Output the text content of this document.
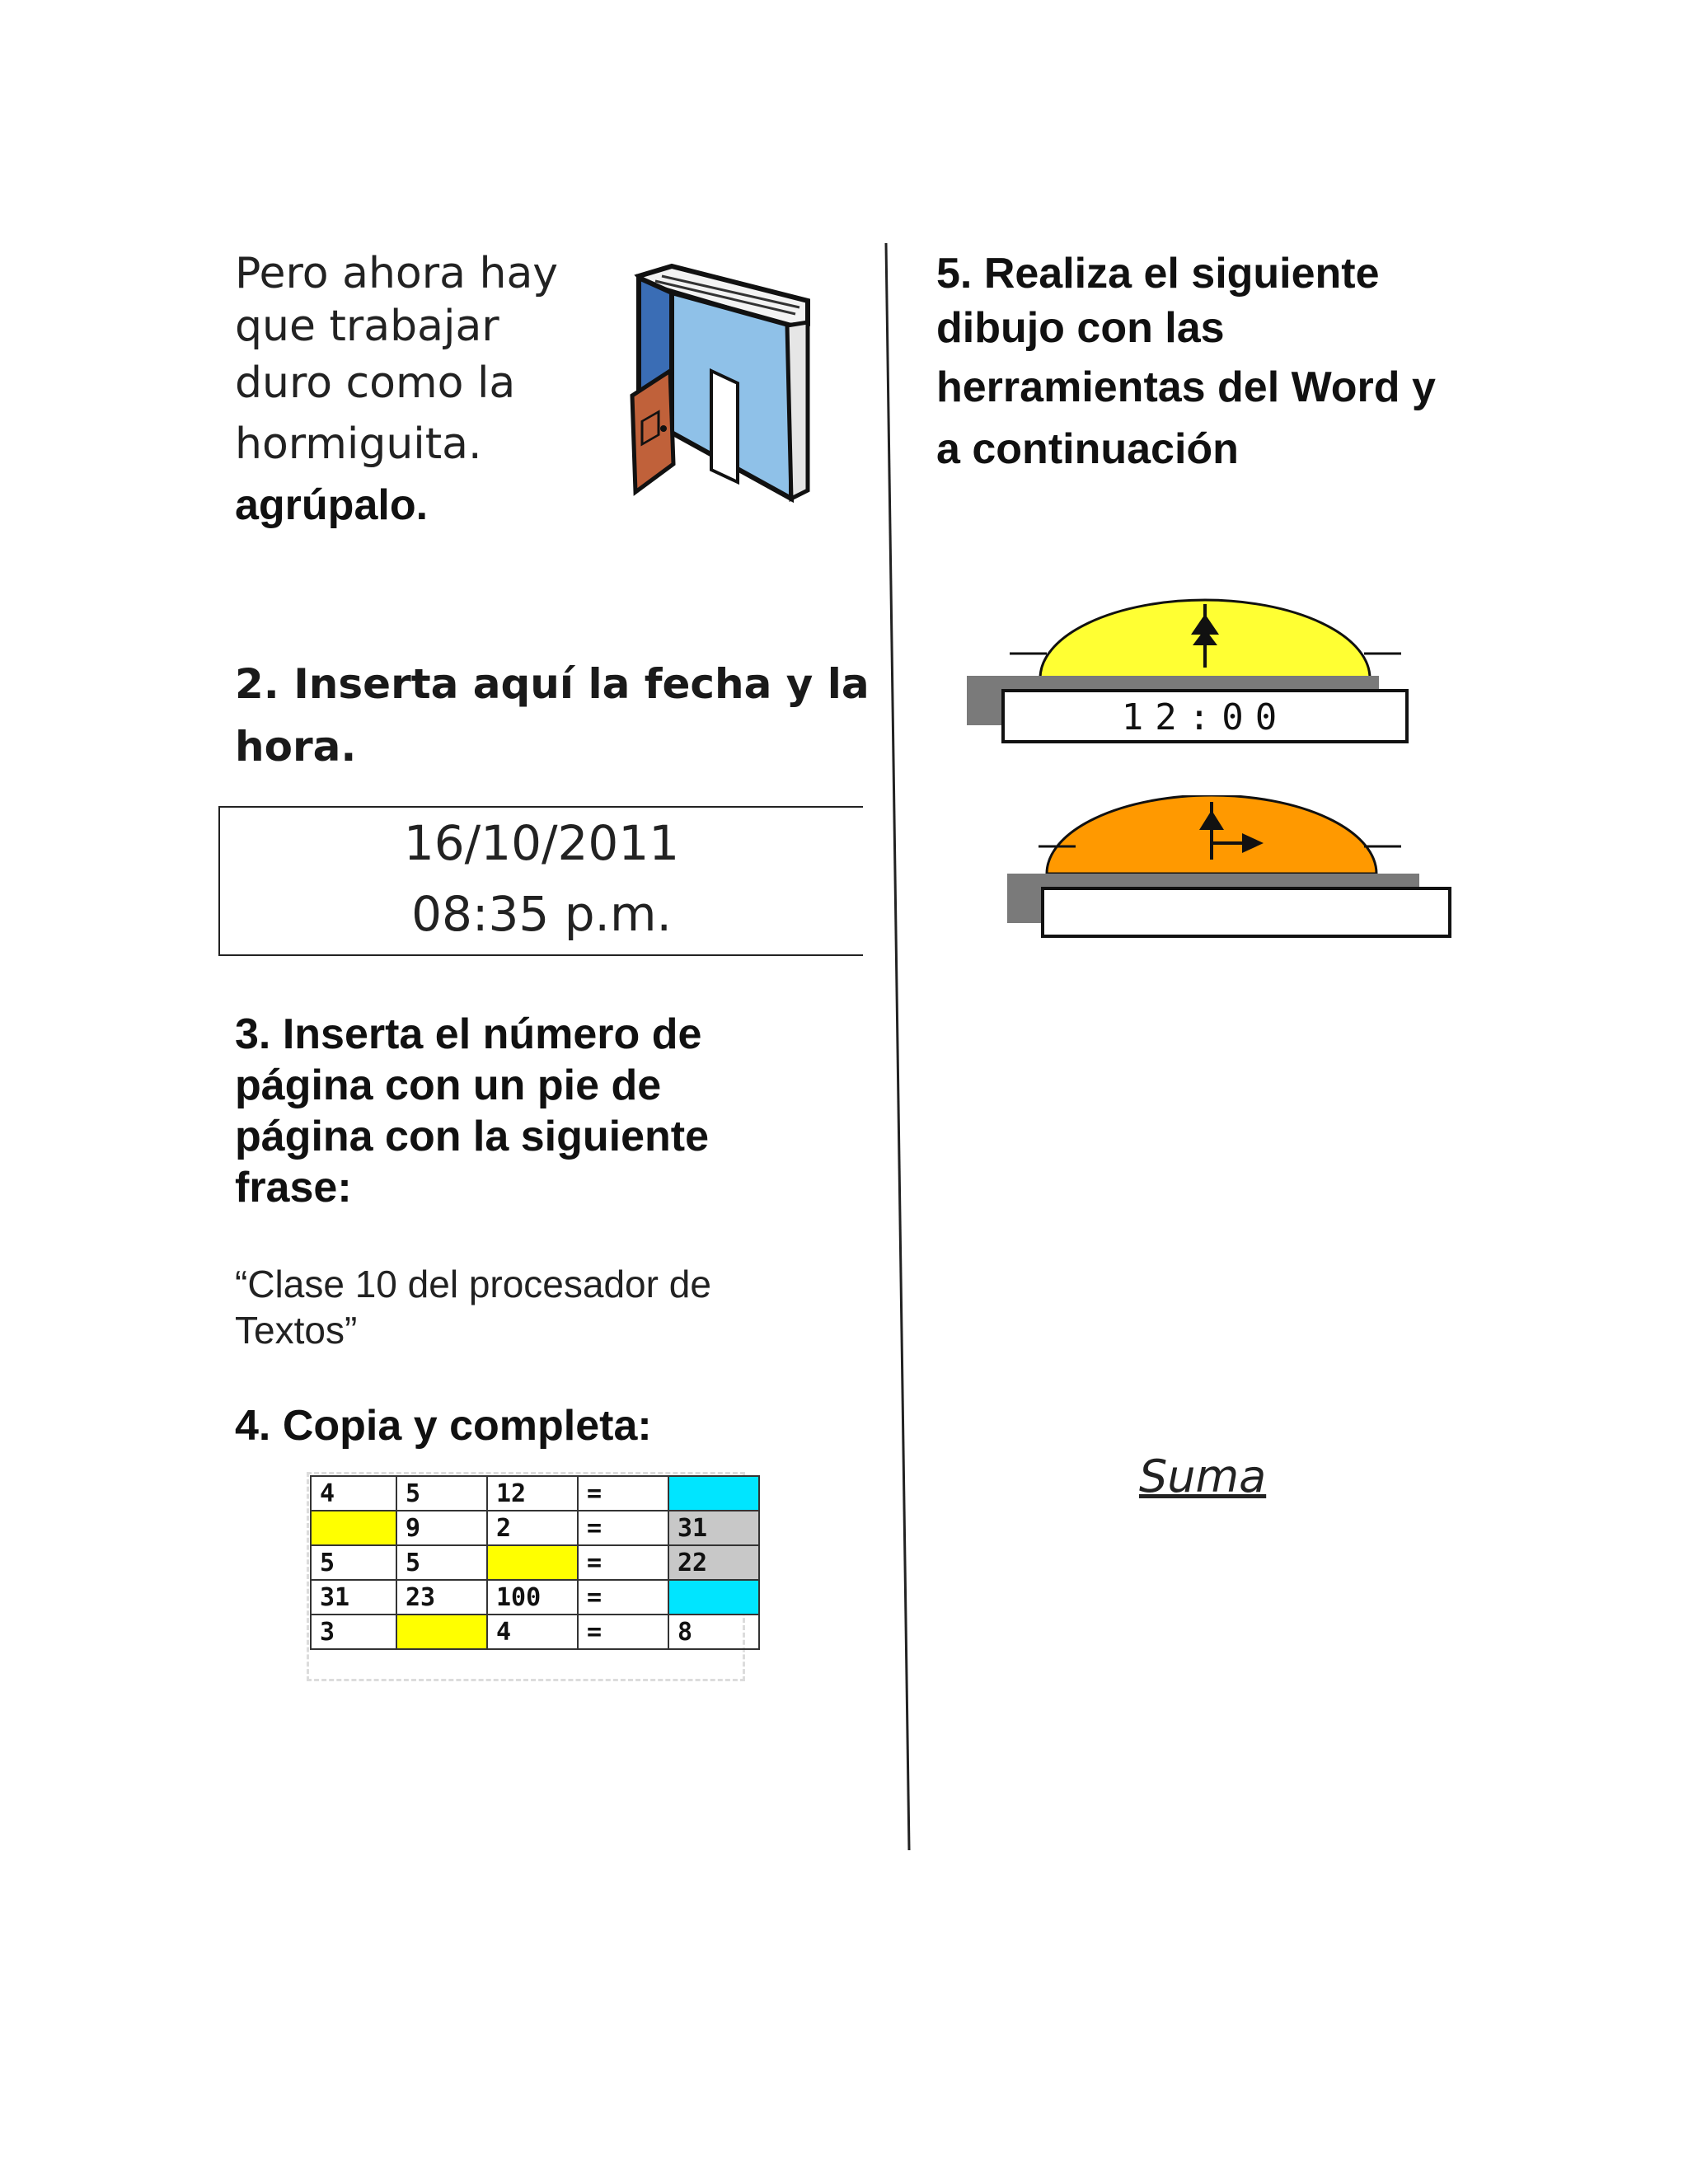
Pero ahora hay
que trabajar
duro como la
hormiguita.
agrúpalo.
2. Inserta aquí la fecha y la
hora.
16/10/2011
08:35 p.m.
3. Inserta el número de
página con un pie de
página con la siguiente
frase:
“Clase 10 del procesador de
Textos”
4. Copia y completa:
4	5	12	=	
	9	2	=	31
5	5		=	22
31	23	100	=	
3		4	=	8
5. Realiza el siguiente
dibujo con las
herramientas del Word y
a continuación
12:00
Suma
